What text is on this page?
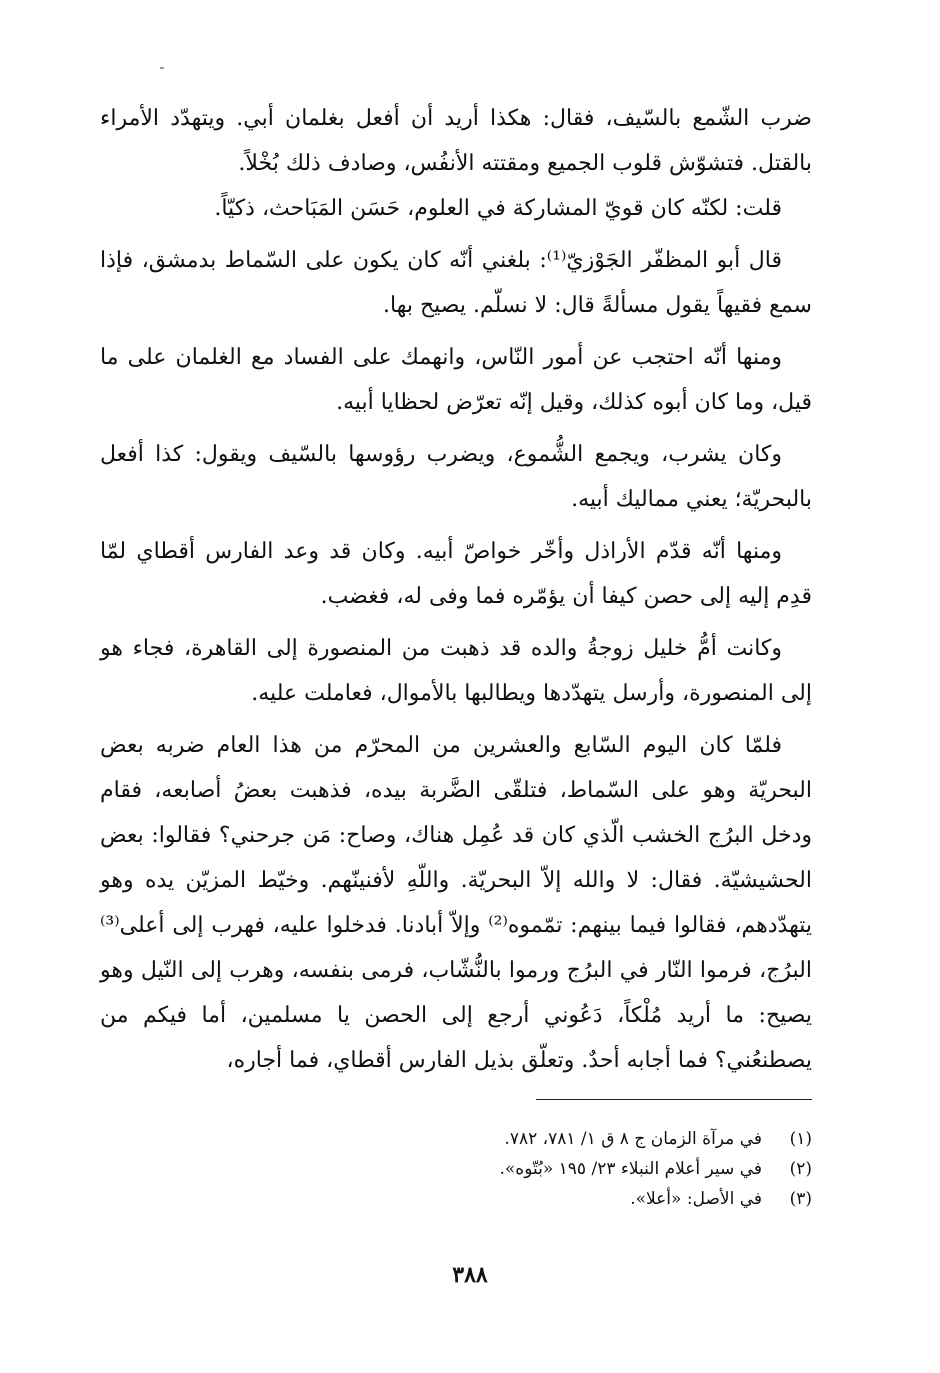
ضرب الشّمع بالسّيف، فقال: هكذا أريد أن أفعل بغلمان أبي. ويتهدّد الأمراء بالقتل. فتشوّش قلوب الجميع ومقتته الأنفُس، وصادف ذلك بُخْلاً.

قلت: لكنّه كان قويّ المشاركة في العلوم، حَسَن المَبَاحث، ذكيّاً.

قال أبو المظفّر الجَوْزيّ⁽¹⁾: بلغني أنّه كان يكون على السّماط بدمشق، فإذا سمع فقيهاً يقول مسألةً قال: لا نسلّم. يصيح بها.

ومنها أنّه احتجب عن أمور النّاس، وانهمك على الفساد مع الغلمان على ما قيل، وما كان أبوه كذلك، وقيل إنّه تعرّض لحظايا أبيه.

وكان يشرب، ويجمع الشُّموع، ويضرب رؤوسها بالسّيف ويقول: كذا أفعل بالبحريّة؛ يعني مماليك أبيه.

ومنها أنّه قدّم الأراذل وأخّر خواصّ أبيه. وكان قد وعد الفارس أقطاي لمّا قدِم إليه إلى حصن كيفا أن يؤمّره فما وفى له، فغضب.

وكانت أمُّ خليل زوجةُ والده قد ذهبت من المنصورة إلى القاهرة، فجاء هو إلى المنصورة، وأرسل يتهدّدها ويطالبها بالأموال، فعاملت عليه.

فلمّا كان اليوم السّابع والعشرين من المحرّم من هذا العام ضربه بعض البحريّة وهو على السّماط، فتلقّى الضَّربة بيده، فذهبت بعضُ أصابعه، فقام ودخل البرُج الخشب الّذي كان قد عُمِل هناك، وصاح: مَن جرحني؟ فقالوا: بعض الحشيشيّة. فقال: لا والله إلاّ البحريّة. واللّهِ لأفنينّهم. وخيّط المزيّن يده وهو يتهدّدهم، فقالوا فيما بينهم: تمّموه⁽²⁾ وإلاّ أبادنا. فدخلوا عليه، فهرب إلى أعلى⁽³⁾ البرُج، فرموا النّار في البرُج ورموا بالنُّشّاب، فرمى بنفسه، وهرب إلى النّيل وهو يصيح: ما أريد مُلْكاً، دَعُوني أرجع إلى الحصن يا مسلمين، أما فيكم من يصطنعُني؟ فما أجابه أحدٌ. وتعلّق بذيل الفارس أقطاي، فما أجاره،

(١)
في مرآة الزمان ج ٨ ق ١/ ٧٨١، ٧٨٢.
(٢)
في سير أعلام النبلاء ٢٣/ ١٩٥ «بُتّوه».
(٣)
في الأصل: «أعلا».
٣٨٨
